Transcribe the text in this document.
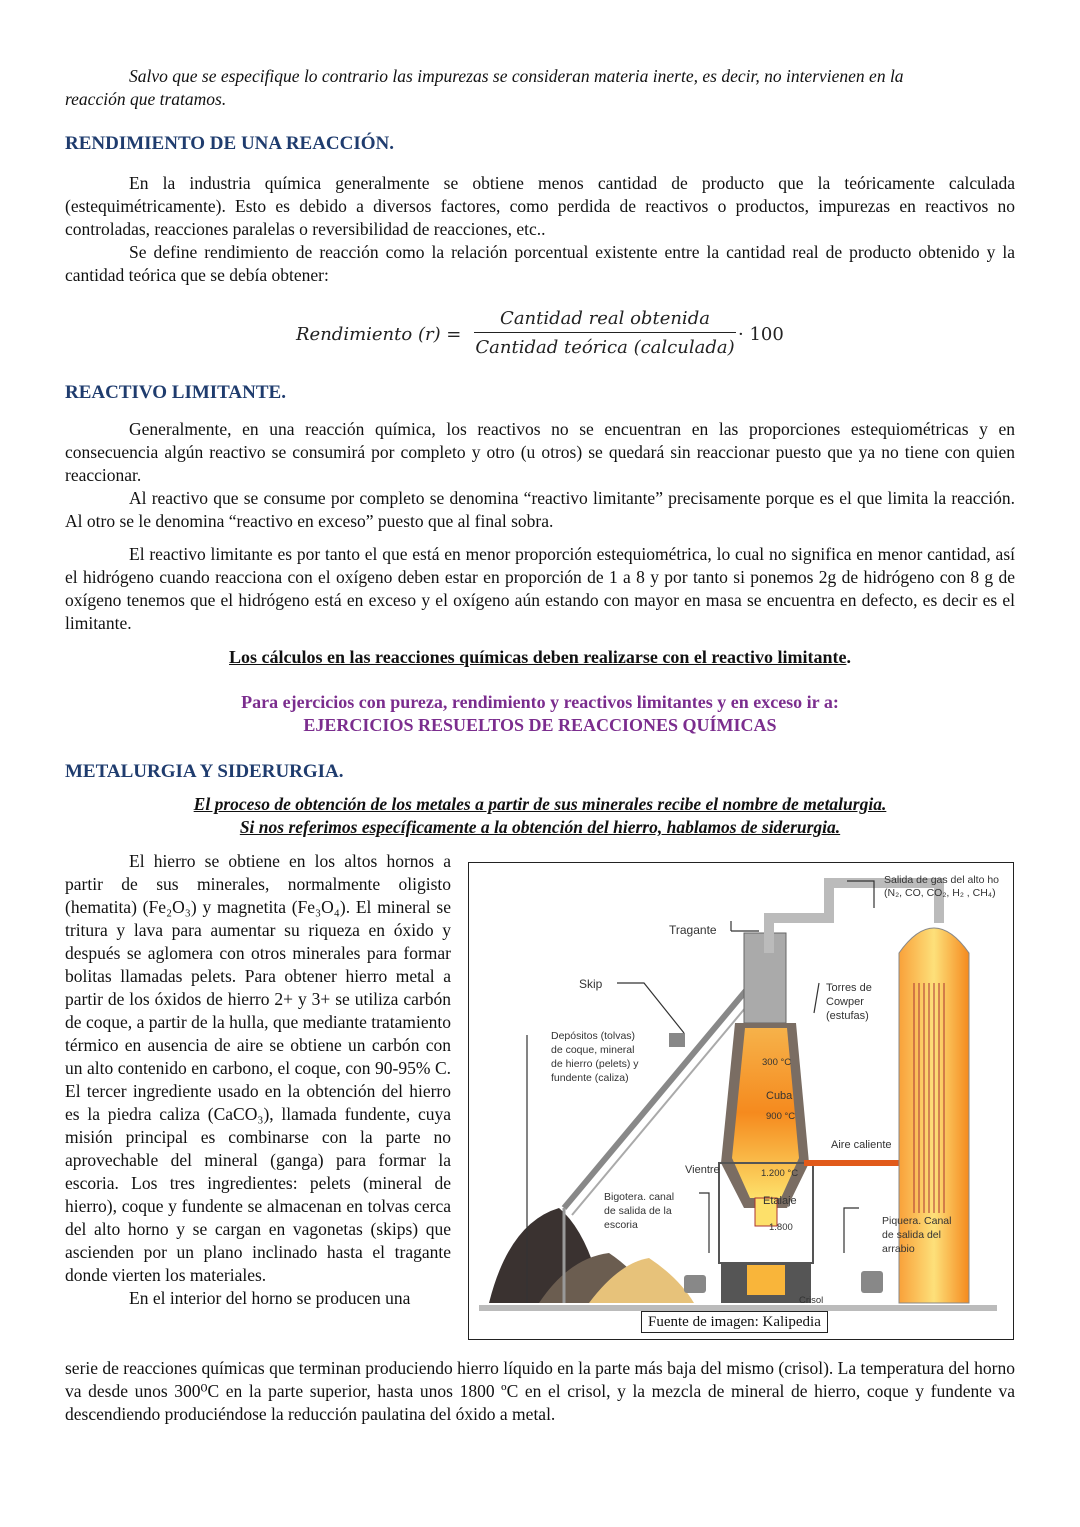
Salvo que se especifique lo contrario las impurezas se consideran materia inerte, es decir, no intervienen en la
reacción que tratamos.

RENDIMIENTO DE UNA REACCIÓN.

En la industria química generalmente se obtiene menos cantidad de producto que la teóricamente calculada (estequimétricamente). Esto es debido a diversos factores, como perdida de reactivos o productos, impurezas en reactivos no controladas, reacciones paralelas o reversibilidad de reacciones, etc..

Se define rendimiento de reacción como la relación porcentual existente entre la cantidad real de producto obtenido y la cantidad teórica que se debía obtener:

Rendimiento (r) =
Cantidad real obtenida
Cantidad teórica (calculada)
· 100
REACTIVO LIMITANTE.

Generalmente, en una reacción química, los reactivos no se encuentran en las proporciones estequiométricas y en consecuencia algún reactivo se consumirá por completo y otro (u otros) se quedará sin reaccionar puesto que ya no tiene con quien reaccionar.

Al reactivo que se consume por completo se denomina “reactivo limitante” precisamente porque es el que limita la reacción. Al otro se le denomina “reactivo en exceso” puesto que al final sobra.

El reactivo limitante es por tanto el que está en menor proporción estequiométrica, lo cual no significa en menor cantidad, así el hidrógeno cuando reacciona con el oxígeno deben estar en proporción de 1 a 8 y por tanto si ponemos 2g de hidrógeno con 8 g de oxígeno tenemos que el hidrógeno está en exceso y el oxígeno aún estando con mayor en masa se encuentra en defecto, es decir es el limitante.

Los cálculos en las reacciones químicas deben realizarse con el reactivo limitante.

Para ejercicios con pureza, rendimiento y reactivos limitantes y en exceso ir a:
EJERCICIOS RESUELTOS DE REACCIONES QUÍMICAS

METALURGIA Y SIDERURGIA.

El proceso de obtención de los metales a partir de sus minerales recibe el nombre de metalurgia.
Si nos referimos específicamente a la obtención del hierro, hablamos de siderurgia.

El hierro se obtiene en los altos hornos a partir de sus minerales, normalmente oligisto (hematita) (Fe₂O₃) y magnetita (Fe₃O₄). El mineral se tritura y lava para aumentar su riqueza en óxido y después se aglomera con otros minerales para formar bolitas llamadas pelets. Para obtener hierro metal a partir de los óxidos de hierro 2+ y 3+ se utiliza carbón de coque, a partir de la hulla, que mediante tratamiento térmico en ausencia de aire se obtiene un carbón con un alto contenido en carbono, el coque, con 90-95% C. El tercer ingrediente usado en la obtención del hierro es la piedra caliza (CaCO₃), llamada fundente, cuya misión principal es combinarse con la parte no aprovechable del mineral (ganga) para formar la escoria. Los tres ingredientes: pelets (mineral de hierro), coque y fundente se almacenan en tolvas cerca del alto horno y se cargan en vagonetas (skips) que ascienden por un plano inclinado hasta el tragante donde vierten los materiales.

En el interior del horno se producen una

Salida de gas del alto ho
(N₂, CO, CO₂, H₂ , CH₄)
Tragante
Skip	Torres de
Cowper
(estufas)
Depósitos (tolvas)
de coque, mineral
de hierro (pelets) y
fundente (caliza)
300 °C
Cuba
900 °C
Aire caliente
Vientre	1.200 °C
Etalaje
1.800
Bigotera. canal
de salida de la
escoria	Piquera. Canal
de salida del
arrabio
Crisol
Fuente de imagen: Kalipedia

serie de reacciones químicas que terminan produciendo hierro líquido en la parte más baja del mismo (crisol). La temperatura del horno va desde unos 300⁰C en la parte superior, hasta unos 1800 ºC en el crisol, y la mezcla de mineral de hierro, coque y fundente va descendiendo produciéndose la reducción paulatina del óxido a metal.
